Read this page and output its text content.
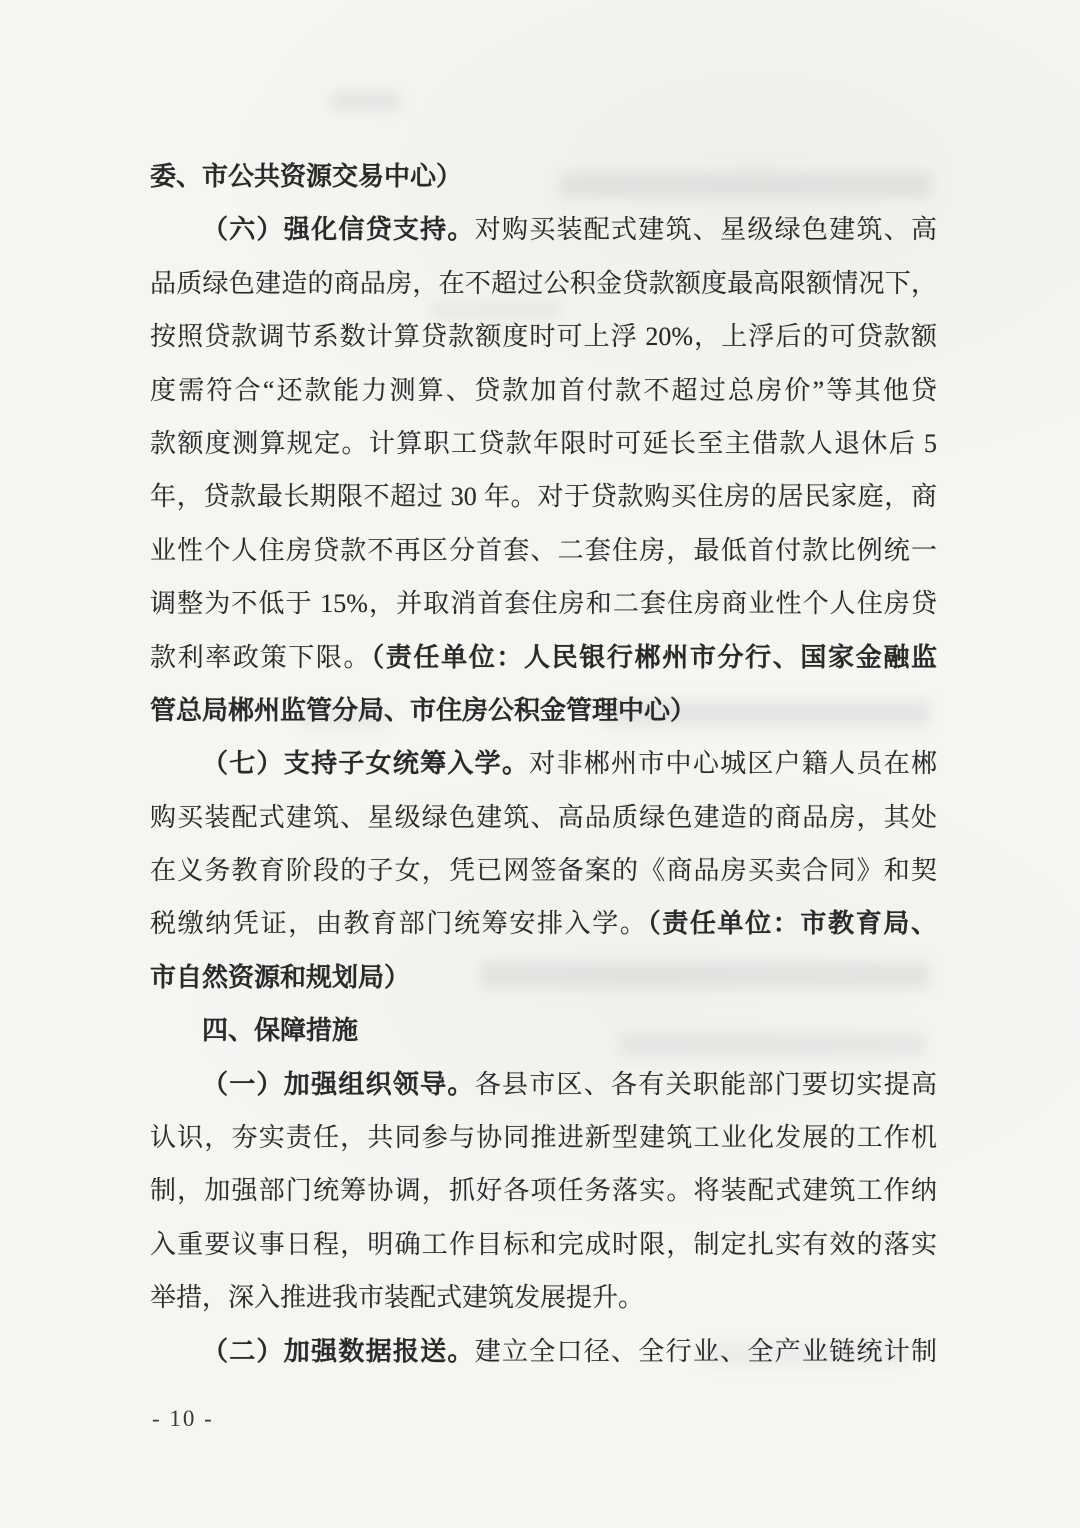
委、市公共资源交易中心）
（六）强化信贷支持。对购买装配式建筑、星级绿色建筑、高
品质绿色建造的商品房，在不超过公积金贷款额度最高限额情况下，
按照贷款调节系数计算贷款额度时可上浮 20%，上浮后的可贷款额
度需符合“还款能力测算、贷款加首付款不超过总房价”等其他贷
款额度测算规定。计算职工贷款年限时可延长至主借款人退休后 5
年，贷款最长期限不超过 30 年。对于贷款购买住房的居民家庭，商
业性个人住房贷款不再区分首套、二套住房，最低首付款比例统一
调整为不低于 15%，并取消首套住房和二套住房商业性个人住房贷
款利率政策下限。（责任单位：人民银行郴州市分行、国家金融监
管总局郴州监管分局、市住房公积金管理中心）
（七）支持子女统筹入学。对非郴州市中心城区户籍人员在郴
购买装配式建筑、星级绿色建筑、高品质绿色建造的商品房，其处
在义务教育阶段的子女，凭已网签备案的《商品房买卖合同》和契
税缴纳凭证，由教育部门统筹安排入学。（责任单位：市教育局、
市自然资源和规划局）
四、保障措施
（一）加强组织领导。各县市区、各有关职能部门要切实提高
认识，夯实责任，共同参与协同推进新型建筑工业化发展的工作机
制，加强部门统筹协调，抓好各项任务落实。将装配式建筑工作纳
入重要议事日程，明确工作目标和完成时限，制定扎实有效的落实
举措，深入推进我市装配式建筑发展提升。
（二）加强数据报送。建立全口径、全行业、全产业链统计制
- 10 -
